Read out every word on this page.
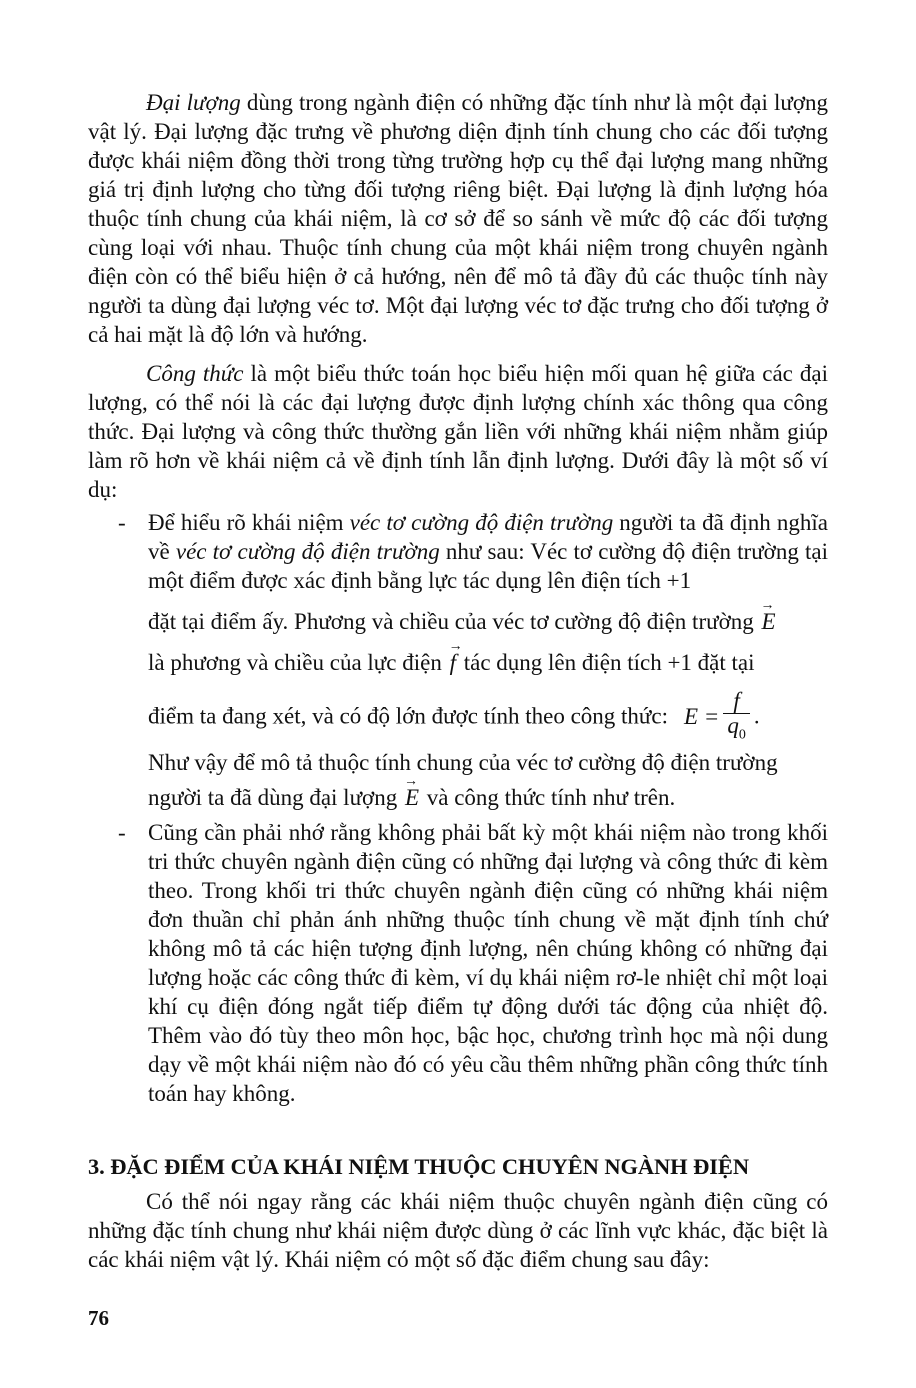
Đại lượng dùng trong ngành điện có những đặc tính như là một đại lượng vật lý. Đại lượng đặc trưng về phương diện định tính chung cho các đối tượng được khái niệm đồng thời trong từng trường hợp cụ thể đại lượng mang những giá trị định lượng cho từng đối tượng riêng biệt. Đại lượng là định lượng hóa thuộc tính chung của khái niệm, là cơ sở để so sánh về mức độ các đối tượng cùng loại với nhau. Thuộc tính chung của một khái niệm trong chuyên ngành điện còn có thể biểu hiện ở cả hướng, nên để mô tả đầy đủ các thuộc tính này người ta dùng đại lượng véc tơ. Một đại lượng véc tơ đặc trưng cho đối tượng ở cả hai mặt là độ lớn và hướng.

Công thức là một biểu thức toán học biểu hiện mối quan hệ giữa các đại lượng, có thể nói là các đại lượng được định lượng chính xác thông qua công thức. Đại lượng và công thức thường gắn liền với những khái niệm nhằm giúp làm rõ hơn về khái niệm cả về định tính lẫn định lượng. Dưới đây là một số ví dụ:

- Để hiểu rõ khái niệm véc tơ cường độ điện trường người ta đã định nghĩa về véc tơ cường độ điện trường như sau: Véc tơ cường độ điện trường tại một điểm được xác định bằng lực tác dụng lên điện tích +1
đặt tại điểm ấy. Phương và chiều của véc tơ cường độ điện trường → E
là phương và chiều của lực điện → f tác dụng lên điện tích +1 đặt tại
điểm ta đang xét, và có độ lớn được tính theo công thức: $E = \frac{f}{q_0}$ .
Như vậy để mô tả thuộc tính chung của véc tơ cường độ điện trường
người ta đã dùng đại lượng → E và công thức tính như trên.
- Cũng cần phải nhớ rằng không phải bất kỳ một khái niệm nào trong khối tri thức chuyên ngành điện cũng có những đại lượng và công thức đi kèm theo. Trong khối tri thức chuyên ngành điện cũng có những khái niệm đơn thuần chỉ phản ánh những thuộc tính chung về mặt định tính chứ không mô tả các hiện tượng định lượng, nên chúng không có những đại lượng hoặc các công thức đi kèm, ví dụ khái niệm rơ-le nhiệt chỉ một loại khí cụ điện đóng ngắt tiếp điểm tự động dưới tác động của nhiệt độ. Thêm vào đó tùy theo môn học, bậc học, chương trình học mà nội dung dạy về một khái niệm nào đó có yêu cầu thêm những phần công thức tính toán hay không.
3. ĐẶC ĐIỂM CỦA KHÁI NIỆM THUỘC CHUYÊN NGÀNH ĐIỆN

Có thể nói ngay rằng các khái niệm thuộc chuyên ngành điện cũng có những đặc tính chung như khái niệm được dùng ở các lĩnh vực khác, đặc biệt là các khái niệm vật lý. Khái niệm có một số đặc điểm chung sau đây:

76
